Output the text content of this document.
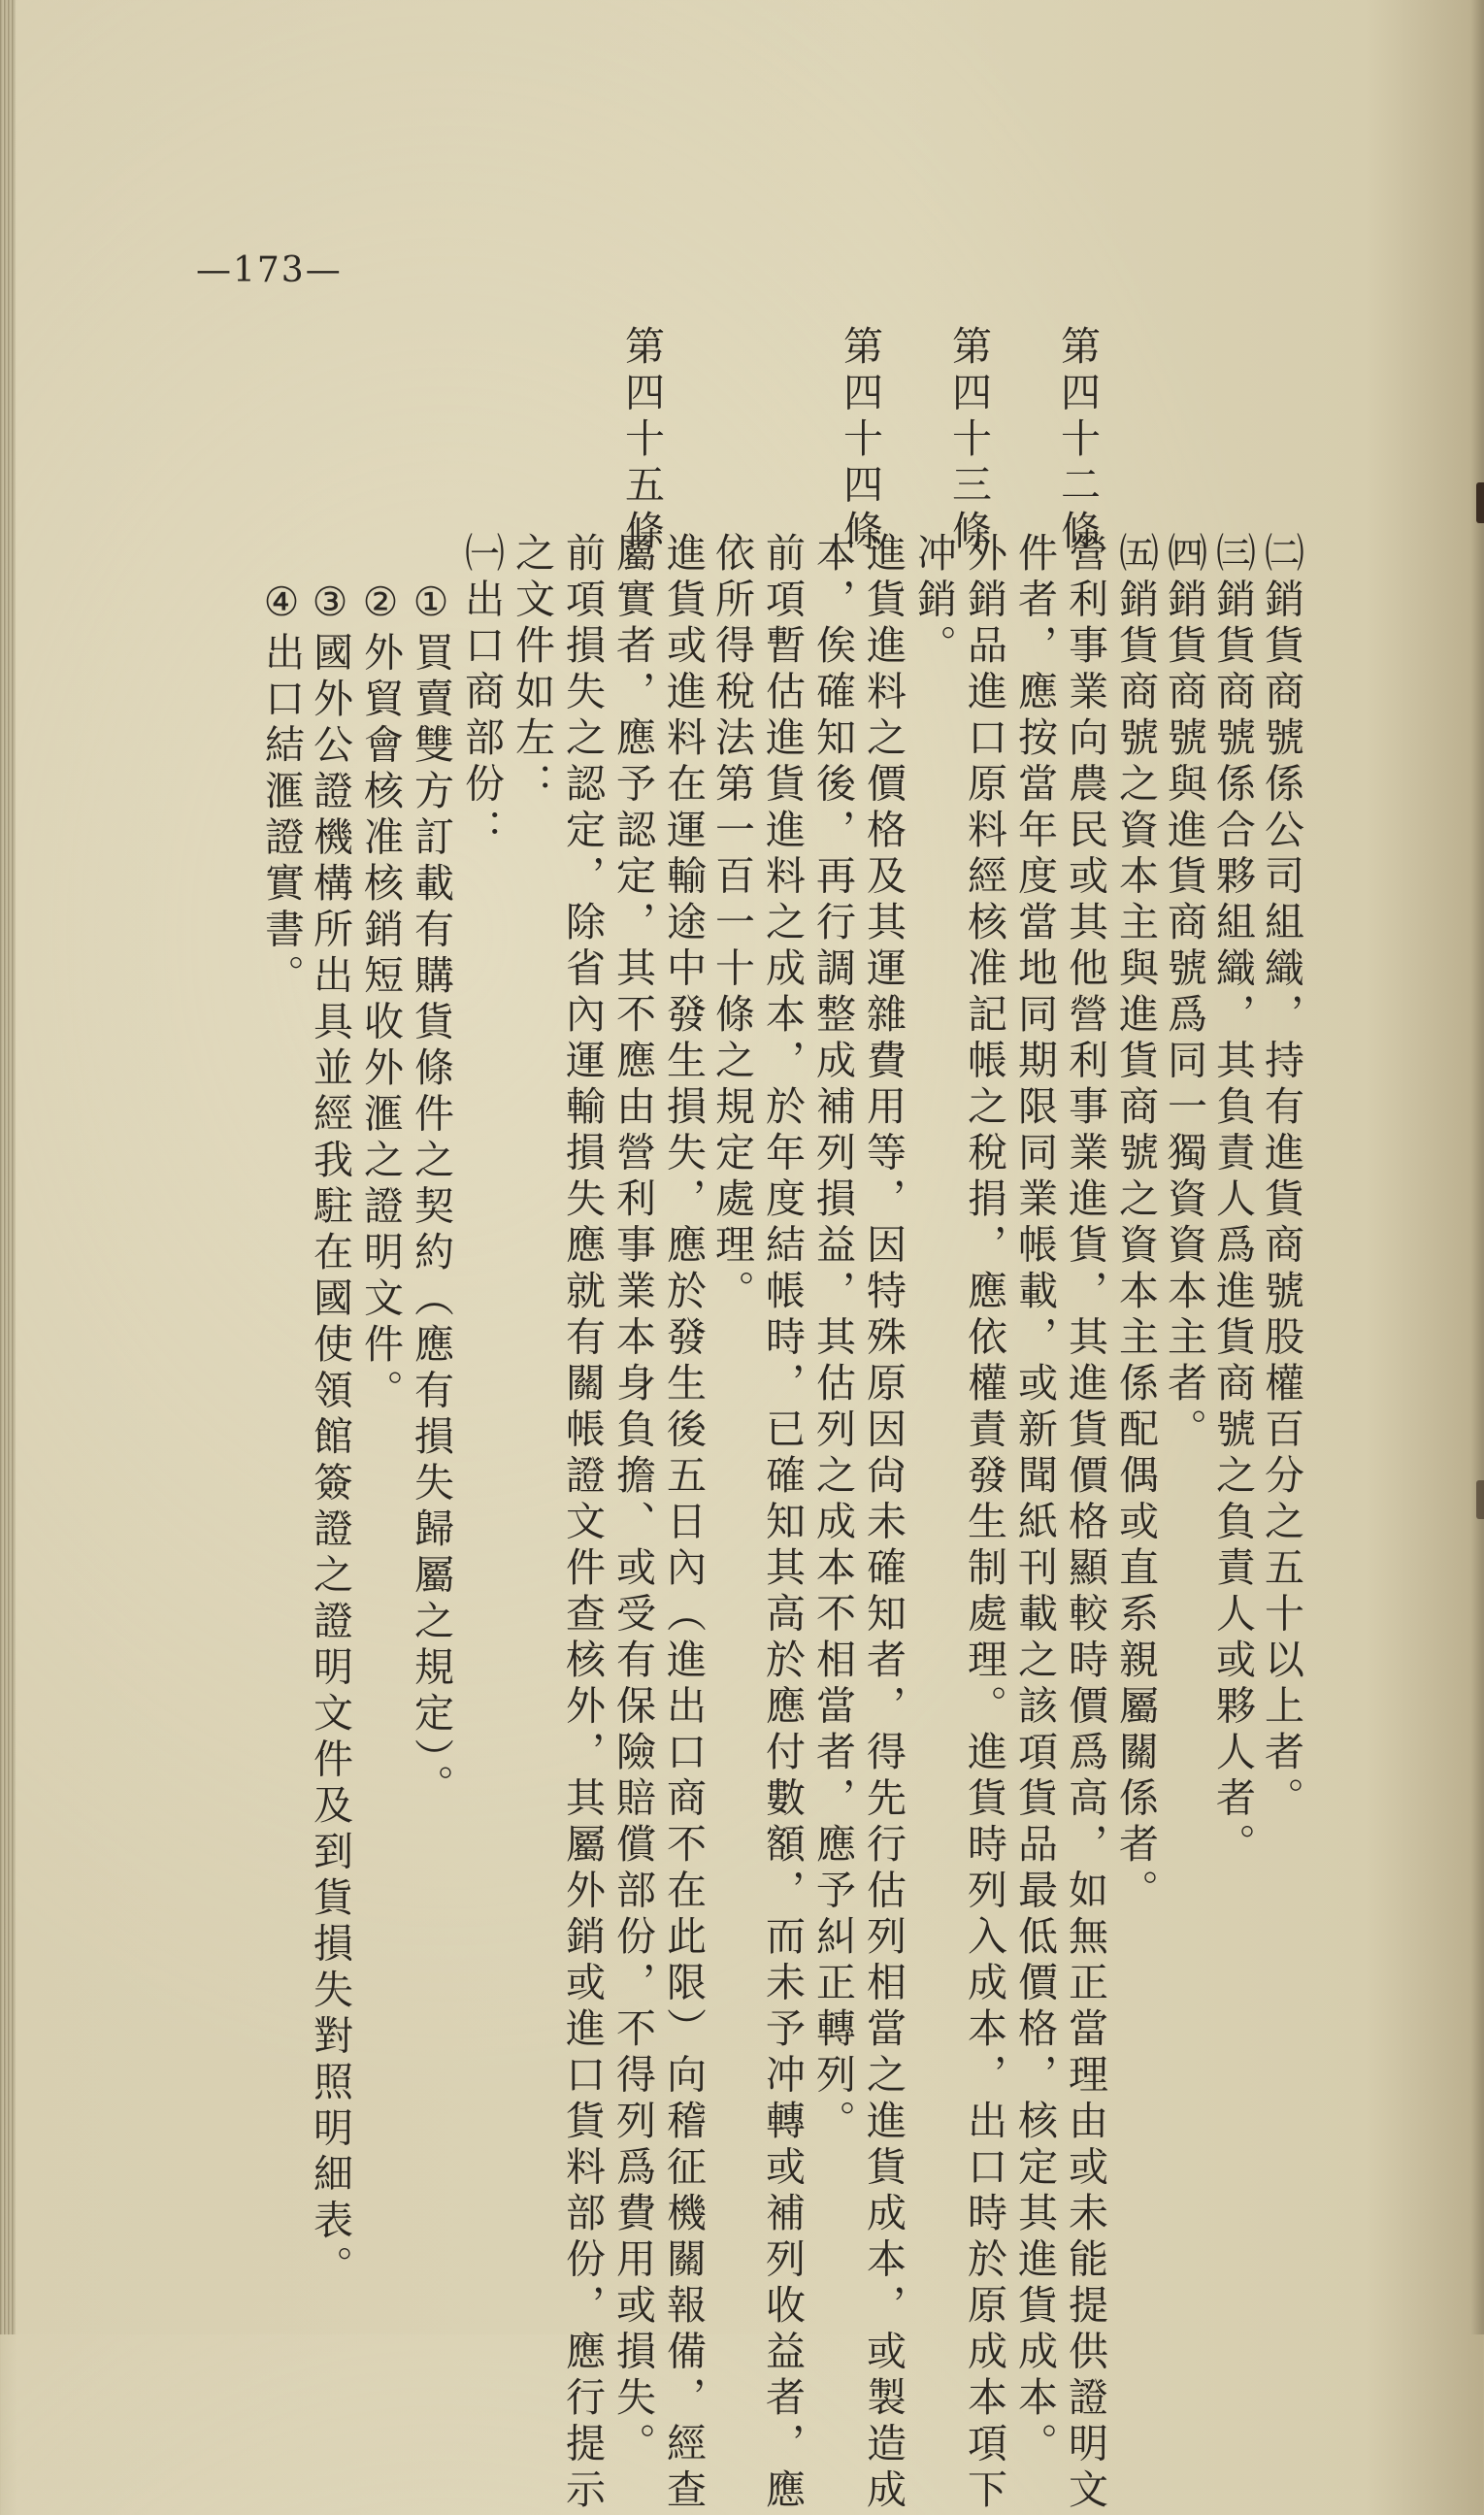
—173—
第四十二條
㈡銷貨商號係公司組織，持有進貨商號股權百分之五十以上者。
㈢銷貨商號係合夥組織，其負責人爲進貨商號之負責人或夥人者。
㈣銷貨商號與進貨商號爲同一獨資資本主者。
㈤銷貨商號之資本主與進貨商號之資本主係配偶或直系親屬關係者。
營利事業向農民或其他營利事業進貨，其進貨價格顯較時價爲高，如無正當理由或未能提供證明文
件者，應按當年度當地同期限同業帳載，或新聞紙刊載之該項貨品最低價格，核定其進貨成本。
第四十三條
外銷品進口原料經核准記帳之稅捐，應依權責發生制處理。進貨時列入成本，出口時於原成本項下
冲銷。
第四十四條
進貨進料之價格及其運雜費用等，因特殊原因尙未確知者，得先行估列相當之進貨成本，或製造成
本，俟確知後，再行調整成補列損益，其估列之成本不相當者，應予糾正轉列。
前項暫估進貨進料之成本，於年度結帳時，已確知其高於應付數額，而未予冲轉或補列收益者，應
依所得稅法第一百一十條之規定處理。
第四十五條
進貨或進料在運輸途中發生損失，應於發生後五日內（進出口商不在此限）向稽征機關報備，經查
屬實者，應予認定，其不應由營利事業本身負擔、或受有保險賠償部份，不得列爲費用或損失。
前項損失之認定，除省內運輸損失應就有關帳證文件查核外，其屬外銷或進口貨料部份，應行提示
之文件如左：
㈠出口商部份：
①買賣雙方訂載有購貨條件之契約（應有損失歸屬之規定）。
②外貿會核准核銷短收外滙之證明文件。
③國外公證機構所出具並經我駐在國使領館簽證之證明文件及到貨損失對照明細表。
④出口結滙證實書。
